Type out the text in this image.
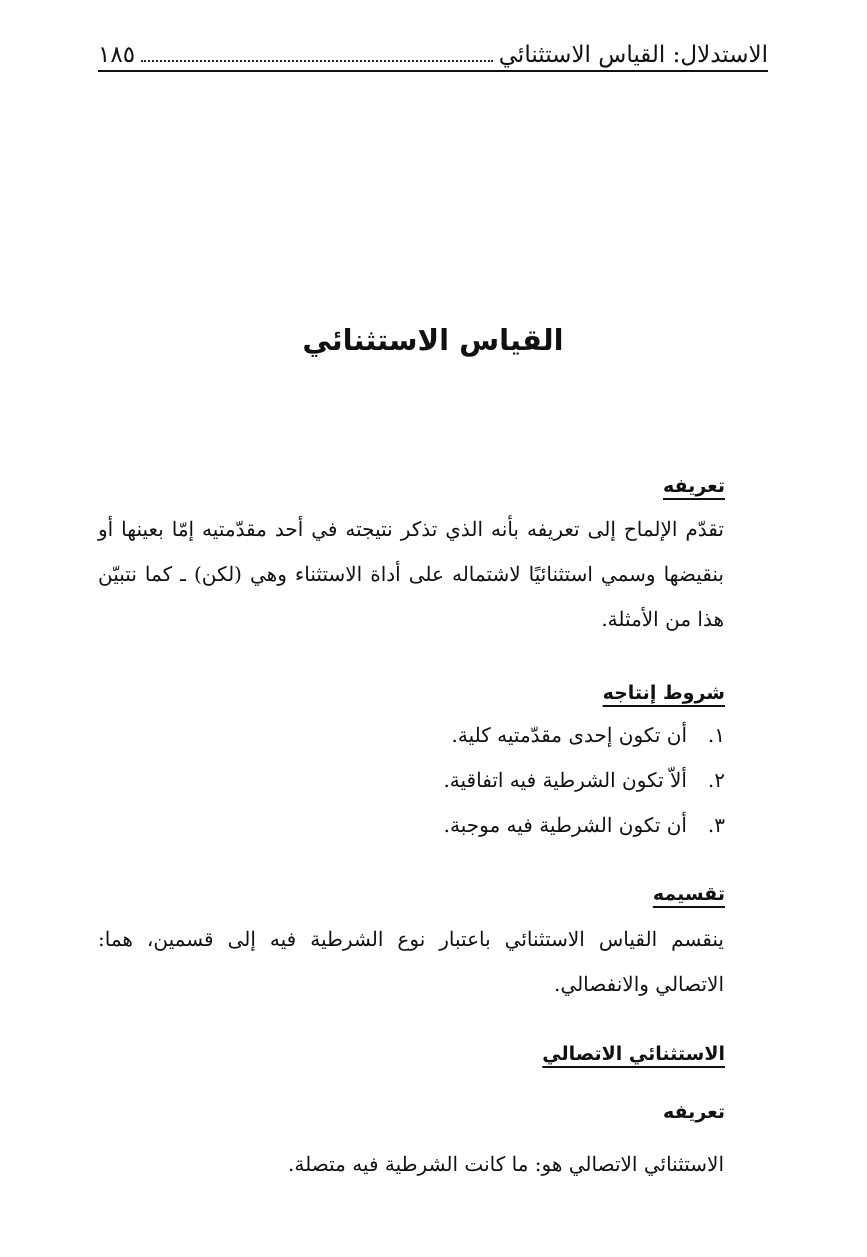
الاستدلال: القياس الاستثنائي
١٨٥
القياس الاستثنائي
تعريفه
تقدّم الإلماح إلى تعريفه بأنه الذي تذكر نتيجته في أحد مقدّمتيه إمّا بعينها أو بنقيضها وسمي استثنائيًا لاشتماله على أداة الاستثناء وهي (لكن) ـ كما نتبيّن هذا من الأمثلة.
شروط إنتاجه
١.
أن تكون إحدى مقدّمتيه كلية.
٢.
ألاّ تكون الشرطية فيه اتفاقية.
٣.
أن تكون الشرطية فيه موجبة.
تقسيمه
ينقسم القياس الاستثنائي باعتبار نوع الشرطية فيه إلى قسمين، هما: الاتصالي والانفصالي.
الاستثنائي الاتصالي
تعريفه
الاستثنائي الاتصالي هو: ما كانت الشرطية فيه متصلة.
